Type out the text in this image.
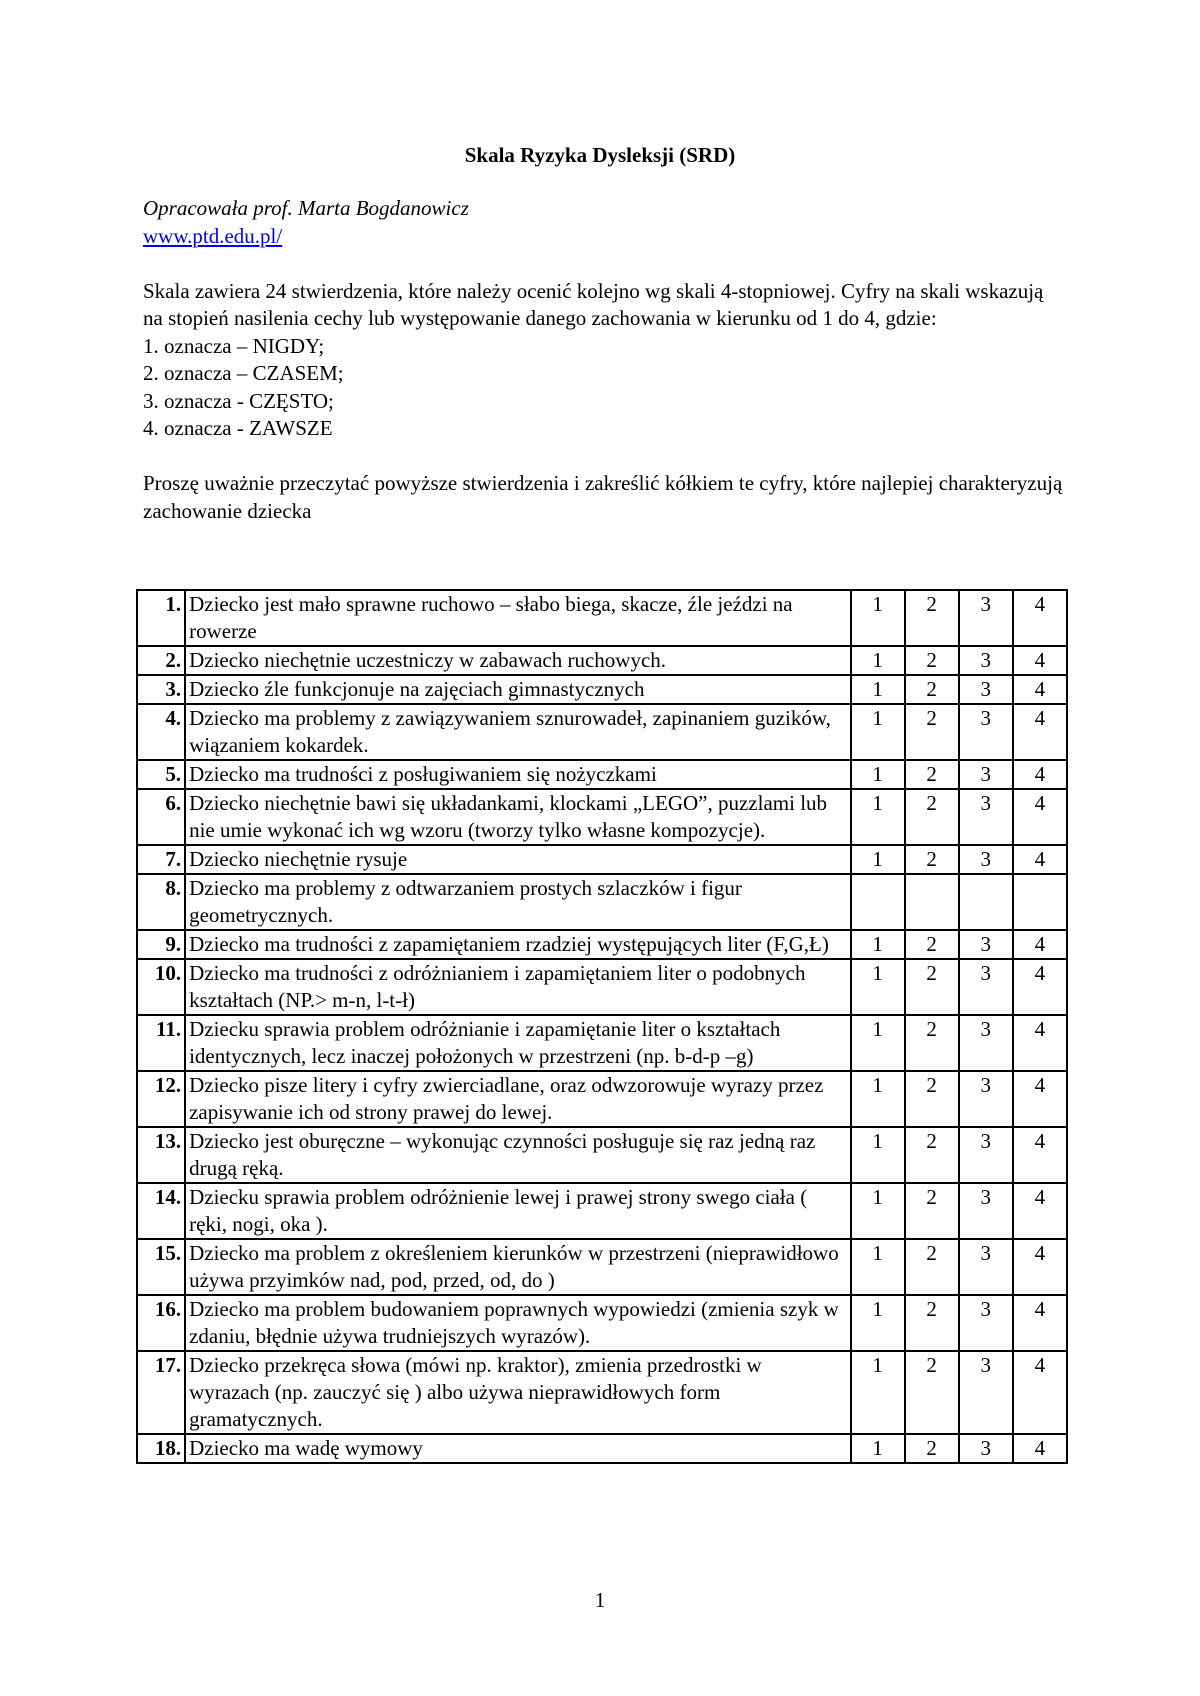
Skala Ryzyka Dysleksji (SRD)

Opracowała prof. Marta Bogdanowicz

www.ptd.edu.pl/

Skala zawiera 24 stwierdzenia, które należy ocenić kolejno wg skali 4-stopniowej. Cyfry na skali wskazują na stopień nasilenia cechy lub występowanie danego zachowania w kierunku od 1 do 4, gdzie:

1. oznacza – NIGDY;

2. oznacza – CZASEM;

3. oznacza - CZĘSTO;

4. oznacza - ZAWSZE

Proszę uważnie przeczytać powyższe stwierdzenia i zakreślić kółkiem te cyfry, które najlepiej charakteryzują zachowanie dziecka

1.	Dziecko jest mało sprawne ruchowo – słabo biega, skacze, źle jeździ na rowerze	1	2	3	4
2.	Dziecko niechętnie uczestniczy w zabawach ruchowych.	1	2	3	4
3.	Dziecko źle funkcjonuje na zajęciach gimnastycznych	1	2	3	4
4.	Dziecko ma problemy z zawiązywaniem sznurowadeł, zapinaniem guzików, wiązaniem kokardek.	1	2	3	4
5.	Dziecko ma trudności z posługiwaniem się nożyczkami	1	2	3	4
6.	Dziecko niechętnie bawi się układankami, klockami „LEGO”, puzzlami lub nie umie wykonać ich wg wzoru (tworzy tylko własne kompozycje).	1	2	3	4
7.	Dziecko niechętnie rysuje	1	2	3	4
8.	Dziecko ma problemy z odtwarzaniem prostych szlaczków i figur geometrycznych.				
9.	Dziecko ma trudności z zapamiętaniem rzadziej występujących liter (F,G,Ł)	1	2	3	4
10.	Dziecko ma trudności z odróżnianiem i zapamiętaniem liter o podobnych kształtach (NP.> m-n, l-t-ł)	1	2	3	4
11.	Dziecku sprawia problem odróżnianie i zapamiętanie liter o kształtach identycznych, lecz inaczej położonych w przestrzeni (np. b-d-p –g)	1	2	3	4
12.	Dziecko pisze litery i cyfry zwierciadlane, oraz odwzorowuje wyrazy przez zapisywanie ich od strony prawej do lewej.	1	2	3	4
13.	Dziecko jest oburęczne – wykonując czynności posługuje się raz jedną raz drugą ręką.	1	2	3	4
14.	Dziecku sprawia problem odróżnienie lewej i prawej strony swego ciała ( ręki, nogi, oka ).	1	2	3	4
15.	Dziecko ma problem z określeniem kierunków w przestrzeni (nieprawidłowo używa przyimków nad, pod, przed, od, do )	1	2	3	4
16.	Dziecko ma problem budowaniem poprawnych wypowiedzi (zmienia szyk w zdaniu, błędnie używa trudniejszych wyrazów).	1	2	3	4
17.	Dziecko przekręca słowa (mówi np. kraktor), zmienia przedrostki w wyrazach (np. zauczyć się ) albo używa nieprawidłowych form gramatycznych.	1	2	3	4
18.	Dziecko ma wadę wymowy	1	2	3	4
1
